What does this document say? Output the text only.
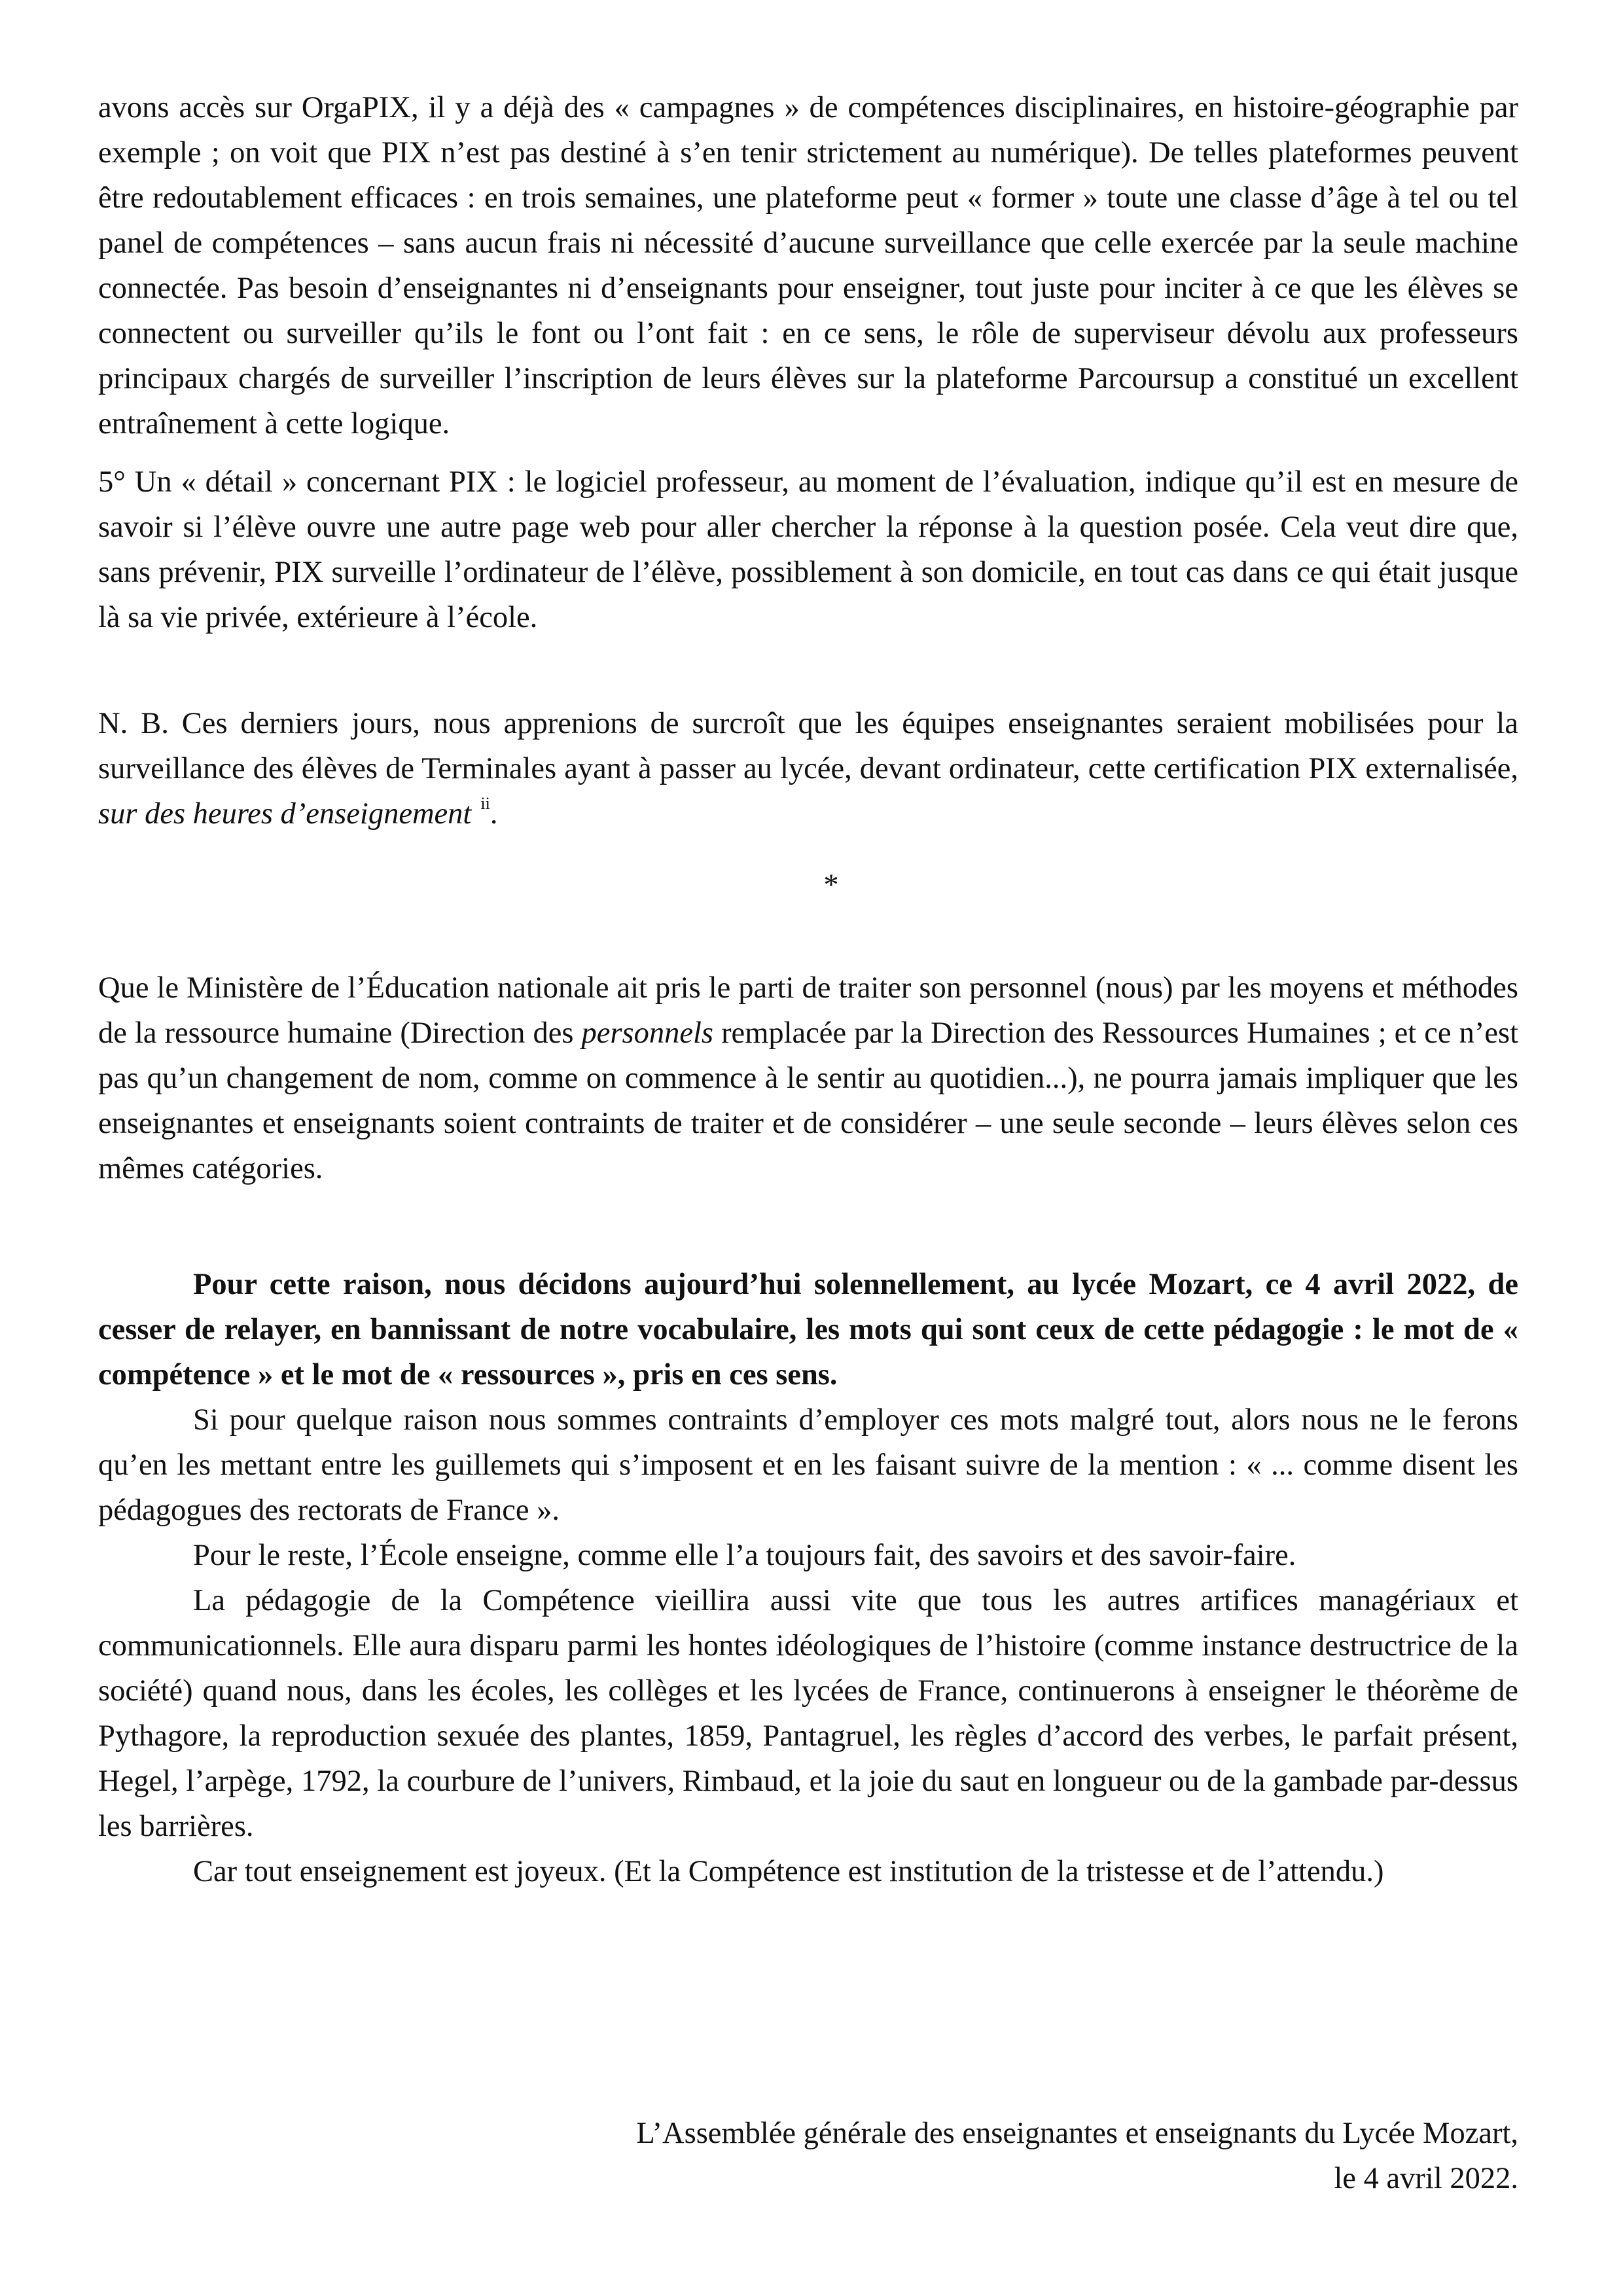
avons accès sur OrgaPIX, il y a déjà des « campagnes » de compétences disciplinaires, en histoire-géographie par exemple ; on voit que PIX n’est pas destiné à s’en tenir strictement au numérique). De telles plateformes peuvent être redoutablement efficaces : en trois semaines, une plateforme peut « former » toute une classe d’âge à tel ou tel panel de compétences – sans aucun frais ni nécessité d’aucune surveillance que celle exercée par la seule machine connectée. Pas besoin d’enseignantes ni d’enseignants pour enseigner, tout juste pour inciter à ce que les élèves se connectent ou surveiller qu’ils le font ou l’ont fait : en ce sens, le rôle de superviseur dévolu aux professeurs principaux chargés de surveiller l’inscription de leurs élèves sur la plateforme Parcoursup a constitué un excellent entraînement à cette logique.

5° Un « détail » concernant PIX : le logiciel professeur, au moment de l’évaluation, indique qu’il est en mesure de savoir si l’élève ouvre une autre page web pour aller chercher la réponse à la question posée. Cela veut dire que, sans prévenir, PIX surveille l’ordinateur de l’élève, possiblement à son domicile, en tout cas dans ce qui était jusque là sa vie privée, extérieure à l’école.

N. B. Ces derniers jours, nous apprenions de surcroît que les équipes enseignantes seraient mobilisées pour la surveillance des élèves de Terminales ayant à passer au lycée, devant ordinateur, cette certification PIX externalisée, sur des heures d’enseignement $^{ii}$.

*

Que le Ministère de l’Éducation nationale ait pris le parti de traiter son personnel (nous) par les moyens et méthodes de la ressource humaine (Direction des personnels remplacée par la Direction des Ressources Humaines ; et ce n’est pas qu’un changement de nom, comme on commence à le sentir au quotidien...), ne pourra jamais impliquer que les enseignantes et enseignants soient contraints de traiter et de considérer – une seule seconde – leurs élèves selon ces mêmes catégories.

Pour cette raison, nous décidons aujourd’hui solennellement, au lycée Mozart, ce 4 avril 2022, de cesser de relayer, en bannissant de notre vocabulaire, les mots qui sont ceux de cette pédagogie : le mot de « compétence » et le mot de « ressources », pris en ces sens.

Si pour quelque raison nous sommes contraints d’employer ces mots malgré tout, alors nous ne le ferons qu’en les mettant entre les guillemets qui s’imposent et en les faisant suivre de la mention : « ... comme disent les pédagogues des rectorats de France ».

Pour le reste, l’École enseigne, comme elle l’a toujours fait, des savoirs et des savoir-faire.

La pédagogie de la Compétence vieillira aussi vite que tous les autres artifices managériaux et communicationnels. Elle aura disparu parmi les hontes idéologiques de l’histoire (comme instance destructrice de la société) quand nous, dans les écoles, les collèges et les lycées de France, continuerons à enseigner le théorème de Pythagore, la reproduction sexuée des plantes, 1859, Pantagruel, les règles d’accord des verbes, le parfait présent, Hegel, l’arpège, 1792, la courbure de l’univers, Rimbaud, et la joie du saut en longueur ou de la gambade par-dessus les barrières.

Car tout enseignement est joyeux. (Et la Compétence est institution de la tristesse et de l’attendu.)

L’Assemblée générale des enseignantes et enseignants du Lycée Mozart,
le 4 avril 2022.
